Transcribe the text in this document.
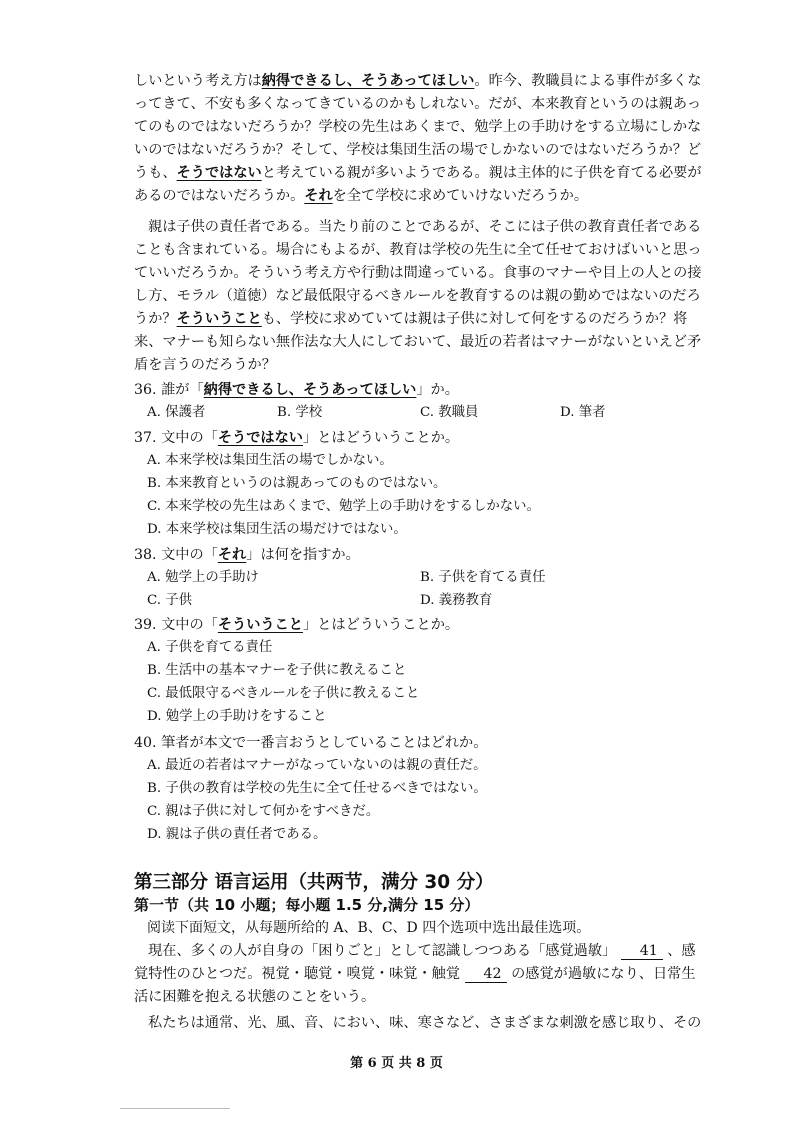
しいという考え方は納得できるし、そうあってほしい。昨今、教職員による事件が多くなってきて、不安も多くなってきているのかもしれない。だが、本来教育というのは親あってのものではないだろうか？学校の先生はあくまで、勉学上の手助けをする立場にしかないのではないだろうか？そして、学校は集団生活の場でしかないのではないだろうか？どうも、そうではないと考えている親が多いようである。親は主体的に子供を育てる必要があるのではないだろうか。それを全て学校に求めていけないだろうか。

親は子供の責任者である。当たり前のことであるが、そこには子供の教育責任者であることも含まれている。場合にもよるが、教育は学校の先生に全て任せておけばいいと思っていいだろうか。そういう考え方や行動は間違っている。食事のマナーや目上の人との接し方、モラル（道徳）など最低限守るべきルールを教育するのは親の勤めではないのだろうか？そういうことも、学校に求めていては親は子供に対して何をするのだろうか？将来、マナーも知らない無作法な大人にしておいて、最近の若者はマナーがないといえど矛盾を言うのだろうか？

36. 誰が「納得できるし、そうあってほしい」か。
A. 保護者	B. 学校	C. 教職員	D. 筆者
37. 文中の「そうではない」とはどういうことか。
A. 本来学校は集団生活の場でしかない。
B. 本来教育というのは親あってのものではない。
C. 本来学校の先生はあくまで、勉学上の手助けをするしかない。
D. 本来学校は集団生活の場だけではない。
38. 文中の「それ」は何を指すか。
A. 勉学上の手助け	B. 子供を育てる責任
C. 子供	D. 義務教育
39. 文中の「そういうこと」とはどういうことか。
A. 子供を育てる責任
B. 生活中の基本マナーを子供に教えること
C. 最低限守るべきルールを子供に教えること
D. 勉学上の手助けをすること
40. 筆者が本文で一番言おうとしていることはどれか。
A. 最近の若者はマナーがなっていないのは親の責任だ。
B. 子供の教育は学校の先生に全て任せるべきではない。
C. 親は子供に対して何かをすべきだ。
D. 親は子供の責任者である。
第三部分 语言运用（共两节，满分 30 分）
第一节（共 10 小题；每小题 1.5 分,满分 15 分）
阅读下面短文，从每题所给的 A、B、C、D 四个选项中选出最佳选项。

現在、多くの人が自身の「困りごと」として認識しつつある「感覚過敏」 41 、感覚特性のひとつだ。視覚・聴覚・嗅覚・味覚・触覚 42 の感覚が過敏になり、日常生活に困難を抱える状態のことをいう。

私たちは通常、光、風、音、におい、味、寒さなど、さまざまな刺激を感じ取り、その

第 6 页 共 8 页
